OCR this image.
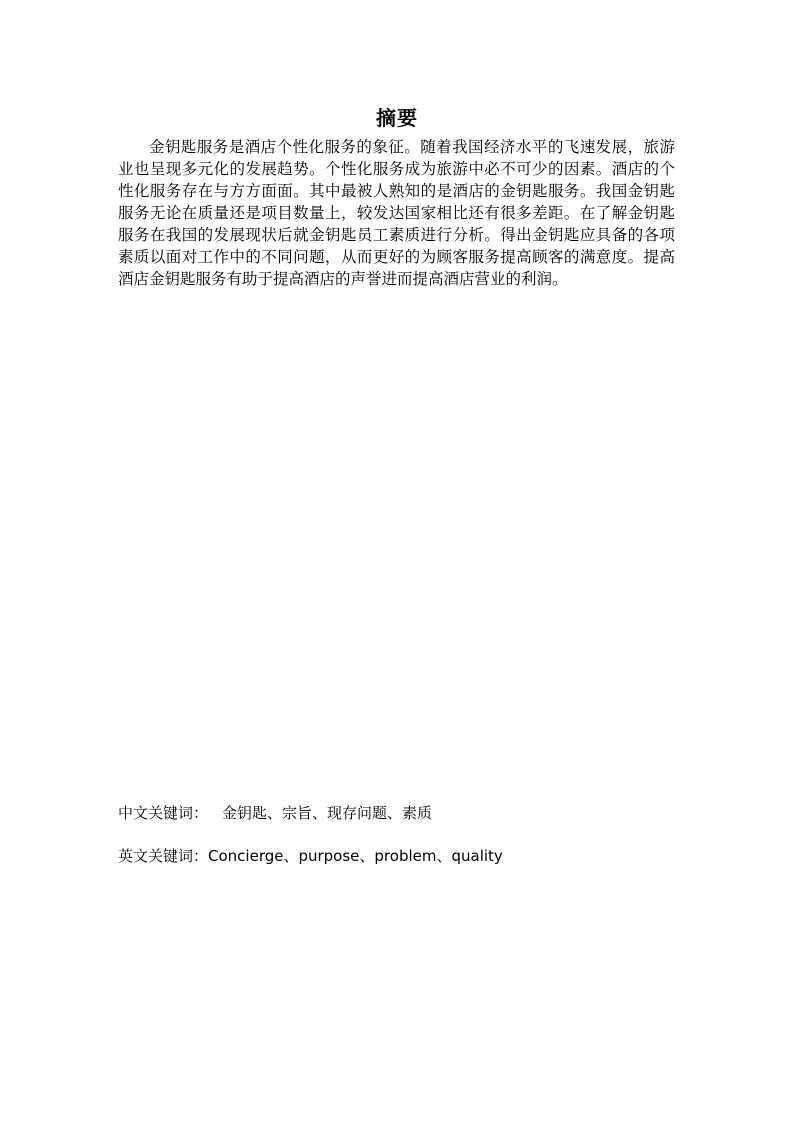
摘要

金钥匙服务是酒店个性化服务的象征。随着我国经济水平的飞速发展，旅游业也呈现多元化的发展趋势。个性化服务成为旅游中必不可少的因素。酒店的个性化服务存在与方方面面。其中最被人熟知的是酒店的金钥匙服务。我国金钥匙服务无论在质量还是项目数量上，较发达国家相比还有很多差距。在了解金钥匙服务在我国的发展现状后就金钥匙员工素质进行分析。得出金钥匙应具备的各项素质以面对工作中的不同问题，从而更好的为顾客服务提高顾客的满意度。提高酒店金钥匙服务有助于提高酒店的声誉进而提高酒店营业的利润。

中文关键词： 金钥匙、宗旨、现存问题、素质
英文关键词：Concierge、purpose、problem、quality
